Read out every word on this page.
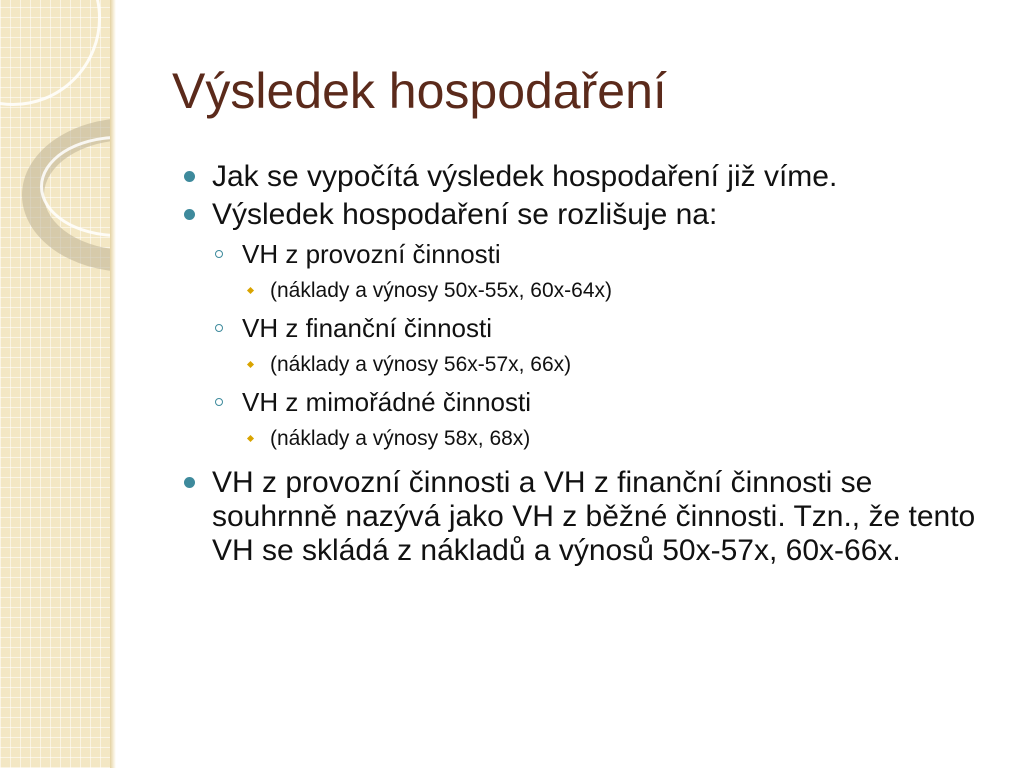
Výsledek hospodaření
Jak se vypočítá výsledek hospodaření již víme.
Výsledek hospodaření se rozlišuje na:
VH z provozní činnosti
(náklady a výnosy 50x-55x, 60x-64x)
VH z finanční činnosti
(náklady a výnosy 56x-57x, 66x)
VH z mimořádné činnosti
(náklady a výnosy 58x, 68x)
VH z provozní činnosti a VH z finanční činnosti se souhrnně nazývá jako VH z běžné činnosti. Tzn., že tento VH se skládá z nákladů a výnosů 50x-57x, 60x-66x.
